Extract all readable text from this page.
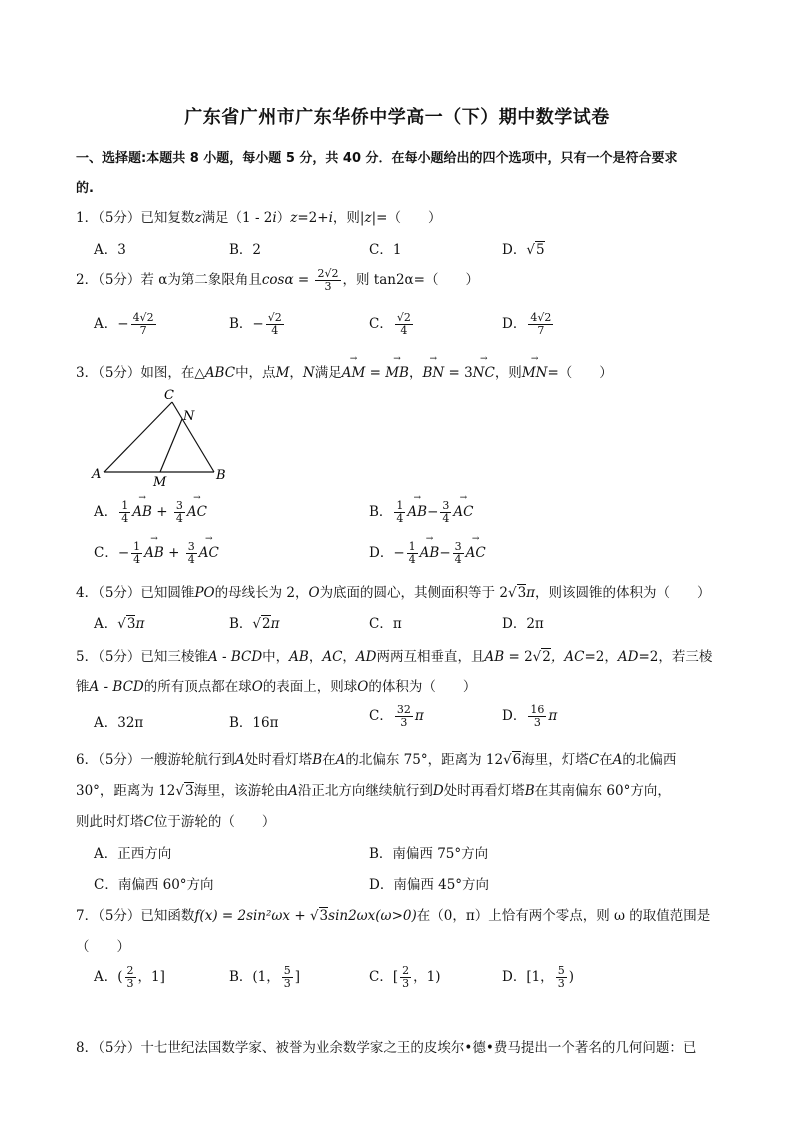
广东省广州市广东华侨中学高一（下）期中数学试卷
一、选择题:本题共 8 小题，每小题 5 分，共 40 分．在每小题给出的四个选项中，只有一个是符合要求
的.
1．（5分）已知复数z满足（1 - 2i）z=2+i，则|z|=（　　）
A．3	B．2	C．1	D．√5
2．（5分）若 α为第二象限角且$\cos\alpha = \frac{2√2}{3}$ ，则 tan2α=（　　）
A．− $\frac{4√2}{7}$	B．− $\frac{√2}{4}$	C． $\frac{√2}{4}$	D． $\frac{4√2}{7}$
3．（5分）如图，在△ABC中，点M，N满足→ AM = → MB，→ BN = 3→ NC，则→ MN=（　　）
C
N
A
M	B
A． $\frac{1}{4}$
→ AB + $\frac{3}{4}$
→ AC	B． $\frac{1}{4}$
→ $AB- \frac{3}{4}$
→ AC
C．− $\frac{1}{4}$
→ AB + $\frac{3}{4}$
→ AC	D．− $\frac{1}{4}$
→ $AB- \frac{3}{4}$
→ AC
4．（5分）已知圆锥PO的母线长为 2，O为底面的圆心，其侧面积等于 2√3π，则该圆锥的体积为（　　）
A．√3π	B．√2π	C．π	D．2π
5．（5分）已知三棱锥A - BCD中，AB，AC，AD两两互相垂直，且AB = 2√2，AC=2，AD=2，若三棱
锥A - BCD的所有顶点都在球O的表面上，则球O的体积为（　　）
A．32π	B．16π	C． $\frac{32}{3}$ π	D． $\frac{16}{3}$ π
6．（5分）一艘游轮航行到A处时看灯塔B在A的北偏东 75°，距离为 12√6海里，灯塔C在A的北偏西
30°，距离为 12√3海里，该游轮由A沿正北方向继续航行到D处时再看灯塔B在其南偏东 60°方向，
则此时灯塔C位于游轮的（　　）
A．正西方向	B．南偏西 75°方向
C．南偏西 60°方向	D．南偏西 45°方向
7．（5分）已知函数f(x) = 2sin²ωx + √3sin2ωx(ω>0)在（0，π）上恰有两个零点，则 ω 的取值范围是
（　　）
A．( $\frac{2}{3}$ ，1]	B．(1， $\frac{5}{3}$ ]	C．[ $\frac{2}{3}$ ，1)	D．[1， $\frac{5}{3}$ )
8．（5分）十七世纪法国数学家、被誉为业余数学家之王的皮埃尔•德•费马提出一个著名的几何问题：已
